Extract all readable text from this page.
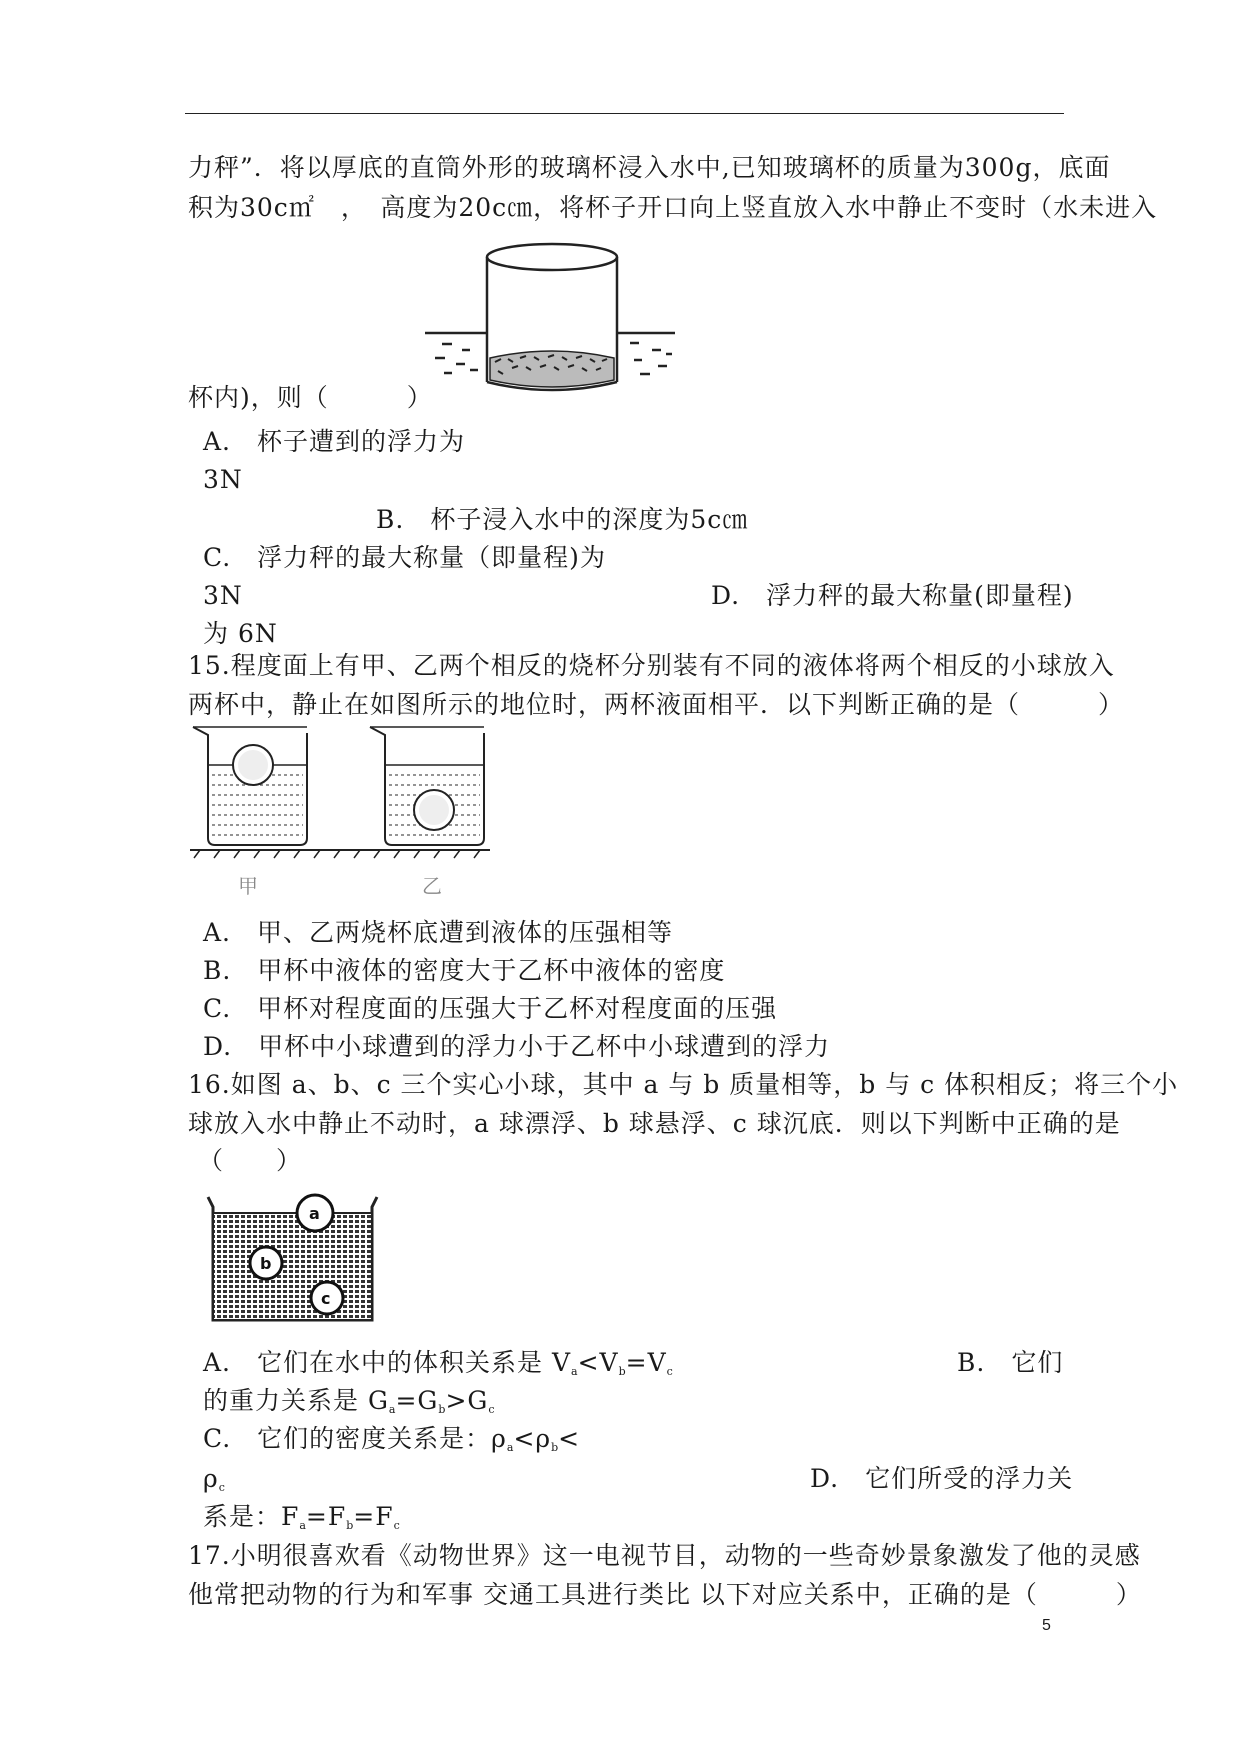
力秤”．将以厚底的直筒外形的玻璃杯浸入水中,已知玻璃杯的质量为300g，底面
积为30c㎡　，　高度为20c㎝，将杯子开口向上竖直放入水中静止不变时（水未进入
杯内)，则（　　　）
A.　杯子遭到的浮力为
3N
B.　杯子浸入水中的深度为5c㎝
C.　浮力秤的最大称量（即量程)为
3N	D.　浮力秤的最大称量(即量程)
为 6N
15.程度面上有甲、乙两个相反的烧杯分别装有不同的液体将两个相反的小球放入
两杯中，静止在如图所示的地位时，两杯液面相平．以下判断正确的是（　　　）
甲	乙
A.　甲、乙两烧杯底遭到液体的压强相等
B.　甲杯中液体的密度大于乙杯中液体的密度
C.　甲杯对程度面的压强大于乙杯对程度面的压强
D.　甲杯中小球遭到的浮力小于乙杯中小球遭到的浮力
16.如图 a、b、c 三个实心小球，其中 a 与 b 质量相等，b 与 c 体积相反；将三个小
球放入水中静止不动时，a 球漂浮、b 球悬浮、c 球沉底．则以下判断中正确的是
（　　）
a
b
c
A.　它们在水中的体积关系是 $V_a<V_b=V_c$	B.　它们
的重力关系是 $G_a=G_b>G_c$
C.　它们的密度关系是：$\rho_a<\rho_b<$
$\rho_c$	D.　它们所受的浮力关
系是：$F_a=F_b=F_c$
17.小明很喜欢看《动物世界》这一电视节目，动物的一些奇妙景象激发了他的灵感
他常把动物的行为和军事 交通工具进行类比 以下对应关系中，正确的是（　　　）
5
